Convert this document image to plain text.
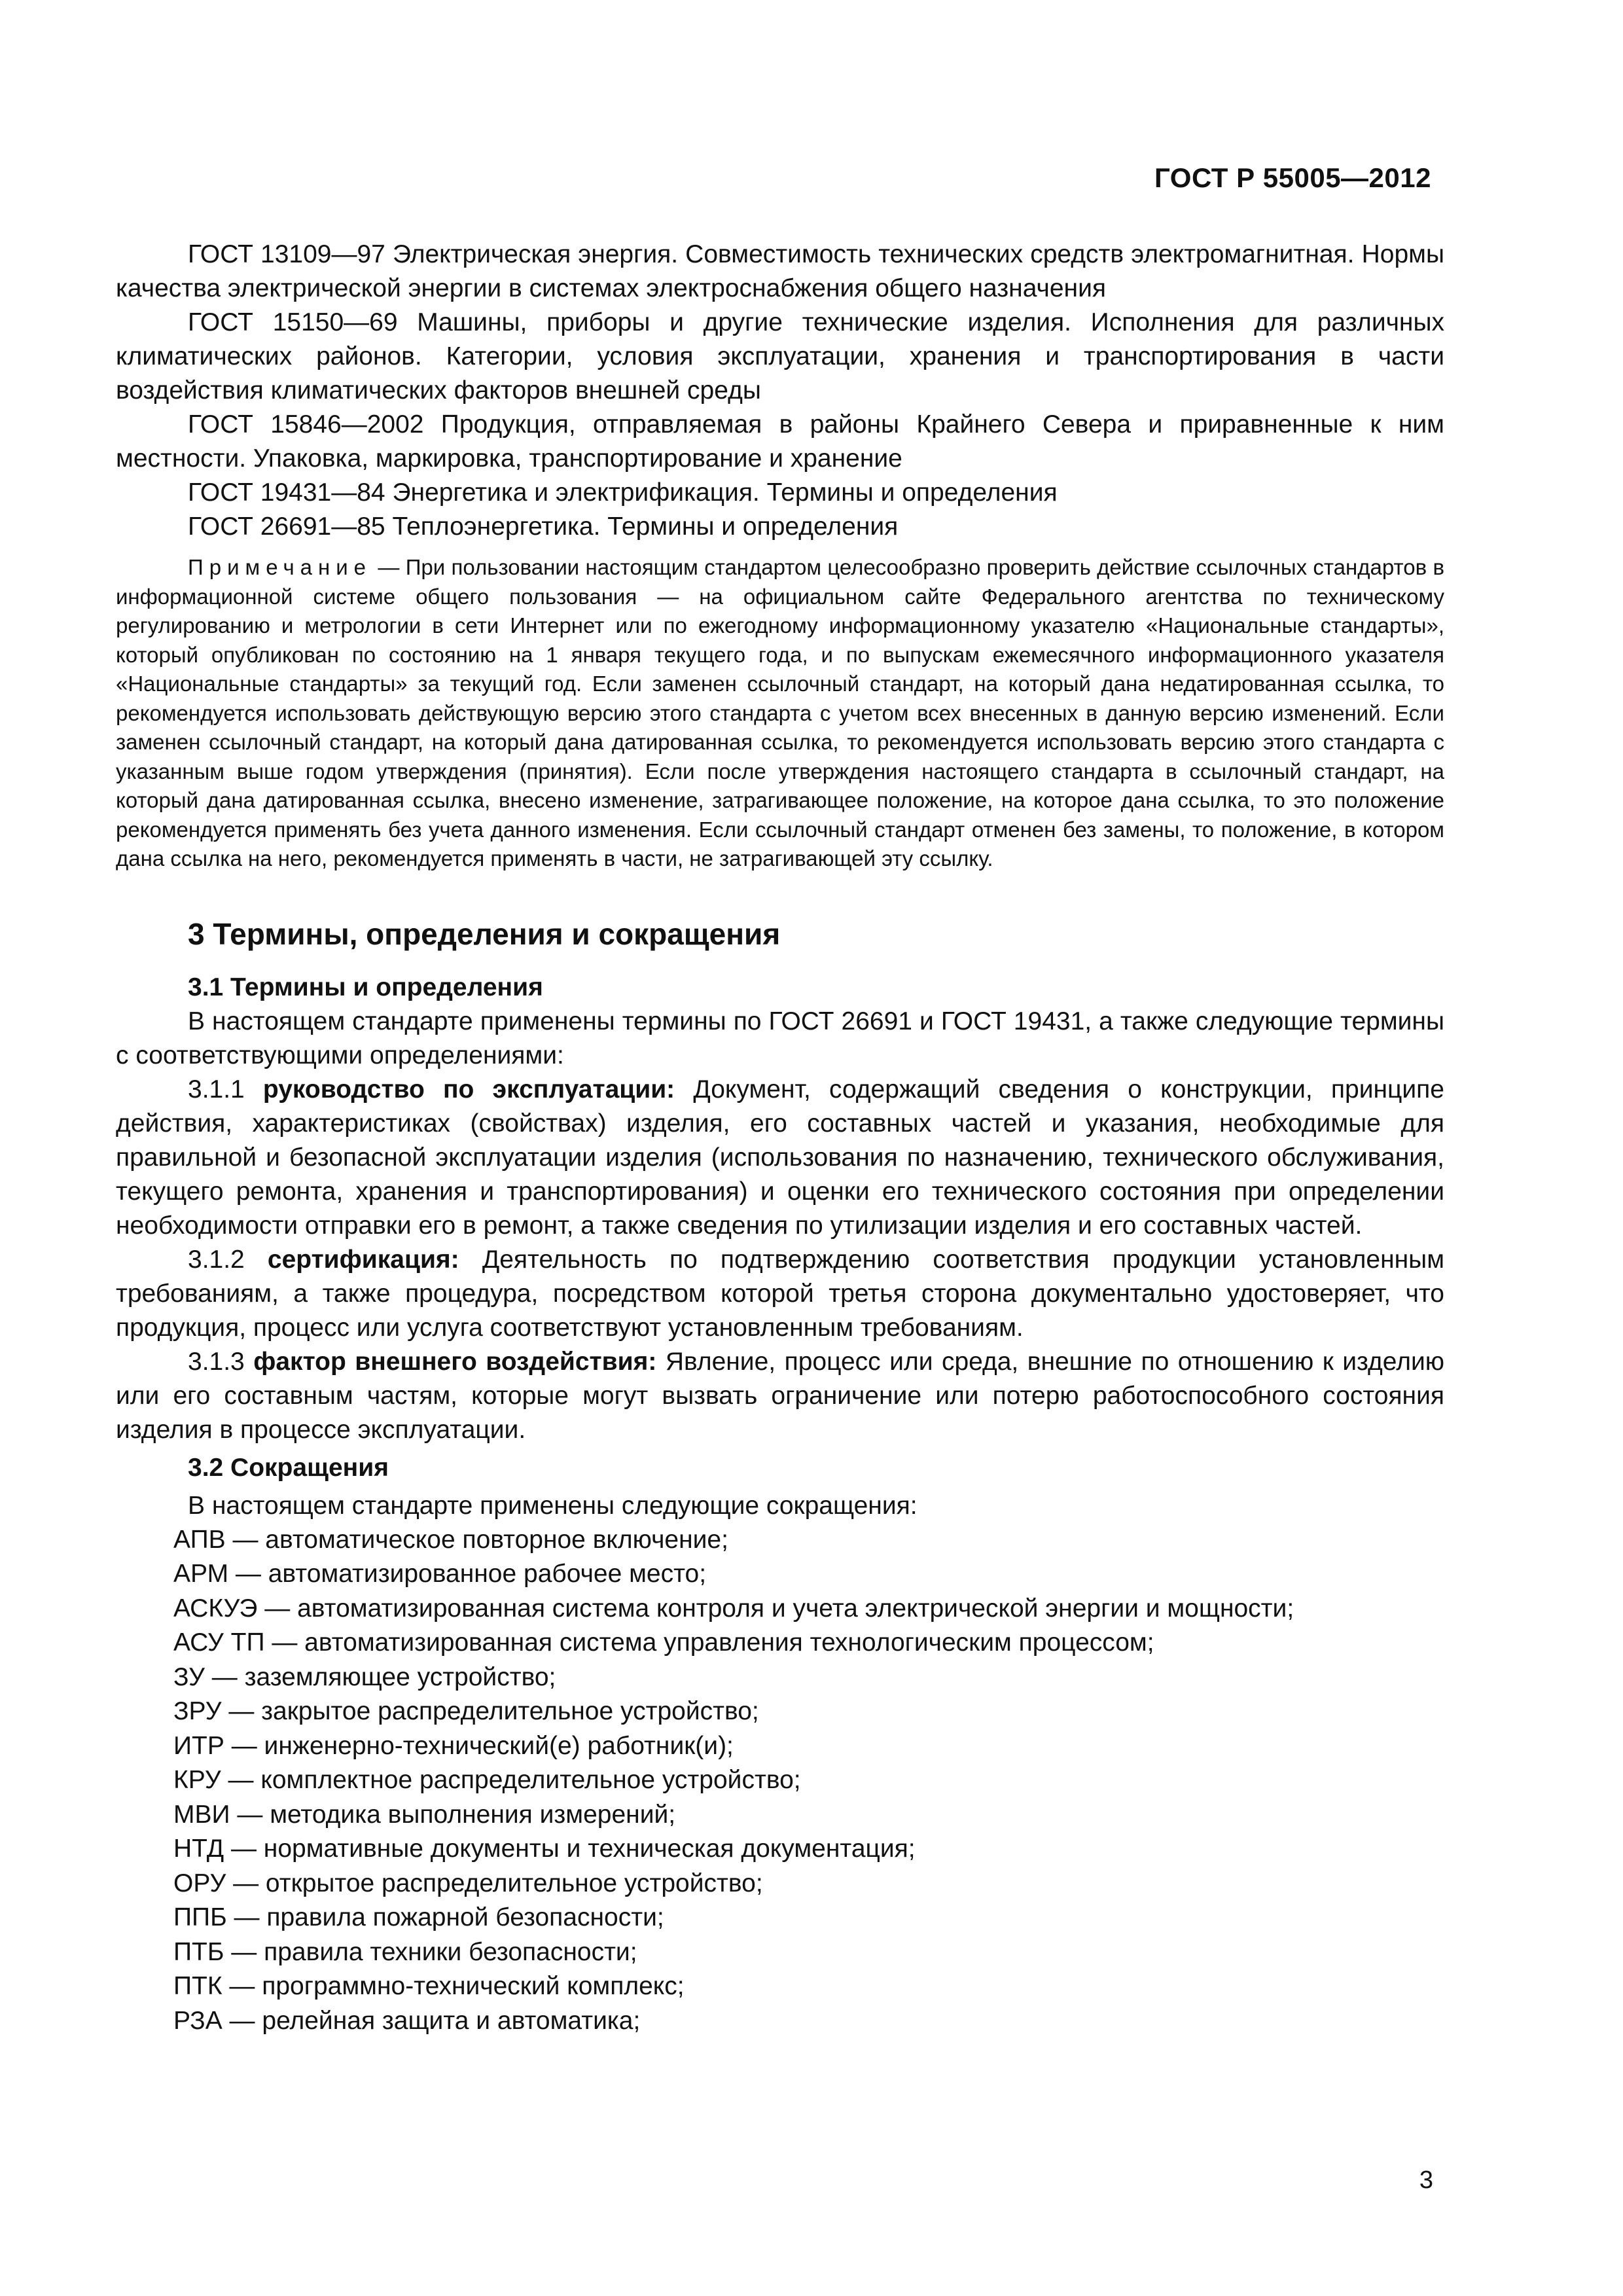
ГОСТ Р 55005—2012

ГОСТ 13109—97 Электрическая энергия. Совместимость технических средств электромагнитная. Нормы качества электрической энергии в системах электроснабжения общего назначения

ГОСТ 15150—69 Машины, приборы и другие технические изделия. Исполнения для различных климатических районов. Категории, условия эксплуатации, хранения и транспортирования в части воздействия климатических факторов внешней среды

ГОСТ 15846—2002 Продукция, отправляемая в районы Крайнего Севера и приравненные к ним местности. Упаковка, маркировка, транспортирование и хранение

ГОСТ 19431—84 Энергетика и электрификация. Термины и определения

ГОСТ 26691—85 Теплоэнергетика. Термины и определения

Примечание — При пользовании настоящим стандартом целесообразно проверить действие ссылочных стандартов в информационной системе общего пользования — на официальном сайте Федерального агентства по техническому регулированию и метрологии в сети Интернет или по ежегодному информационному указателю «Национальные стандарты», который опубликован по состоянию на 1 января текущего года, и по выпускам ежемесячного информационного указателя «Национальные стандарты» за текущий год. Если заменен ссылочный стандарт, на который дана недатированная ссылка, то рекомендуется использовать действующую версию этого стандарта с учетом всех внесенных в данную версию изменений. Если заменен ссылочный стандарт, на который дана датированная ссылка, то рекомендуется использовать версию этого стандарта с указанным выше годом утверждения (принятия). Если после утверждения настоящего стандарта в ссылочный стандарт, на который дана датированная ссылка, внесено изменение, затрагивающее положение, на которое дана ссылка, то это положение рекомендуется применять без учета данного изменения. Если ссылочный стандарт отменен без замены, то положение, в котором дана ссылка на него, рекомендуется применять в части, не затрагивающей эту ссылку.

3 Термины, определения и сокращения
3.1 Термины и определения

В настоящем стандарте применены термины по ГОСТ 26691 и ГОСТ 19431, а также следующие термины с соответствующими определениями:

3.1.1 руководство по эксплуатации: Документ, содержащий сведения о конструкции, принципе действия, характеристиках (свойствах) изделия, его составных частей и указания, необходимые для правильной и безопасной эксплуатации изделия (использования по назначению, технического обслуживания, текущего ремонта, хранения и транспортирования) и оценки его технического состояния при определении необходимости отправки его в ремонт, а также сведения по утилизации изделия и его составных частей.

3.1.2 сертификация: Деятельность по подтверждению соответствия продукции установленным требованиям, а также процедура, посредством которой третья сторона документально удостоверяет, что продукция, процесс или услуга соответствуют установленным требованиям.

3.1.3 фактор внешнего воздействия: Явление, процесс или среда, внешние по отношению к изделию или его составным частям, которые могут вызвать ограничение или потерю работоспособного состояния изделия в процессе эксплуатации.

3.2 Сокращения
В настоящем стандарте применены следующие сокращения:
АПВ — автоматическое повторное включение;
АРМ — автоматизированное рабочее место;
АСКУЭ — автоматизированная система контроля и учета электрической энергии и мощности;
АСУ ТП — автоматизированная система управления технологическим процессом;
ЗУ — заземляющее устройство;
ЗРУ — закрытое распределительное устройство;
ИТР — инженерно-технический(е) работник(и);
КРУ — комплектное распределительное устройство;
МВИ — методика выполнения измерений;
НТД — нормативные документы и техническая документация;
ОРУ — открытое распределительное устройство;
ППБ — правила пожарной безопасности;
ПТБ — правила техники безопасности;
ПТК — программно-технический комплекс;
РЗА — релейная защита и автоматика;
3
